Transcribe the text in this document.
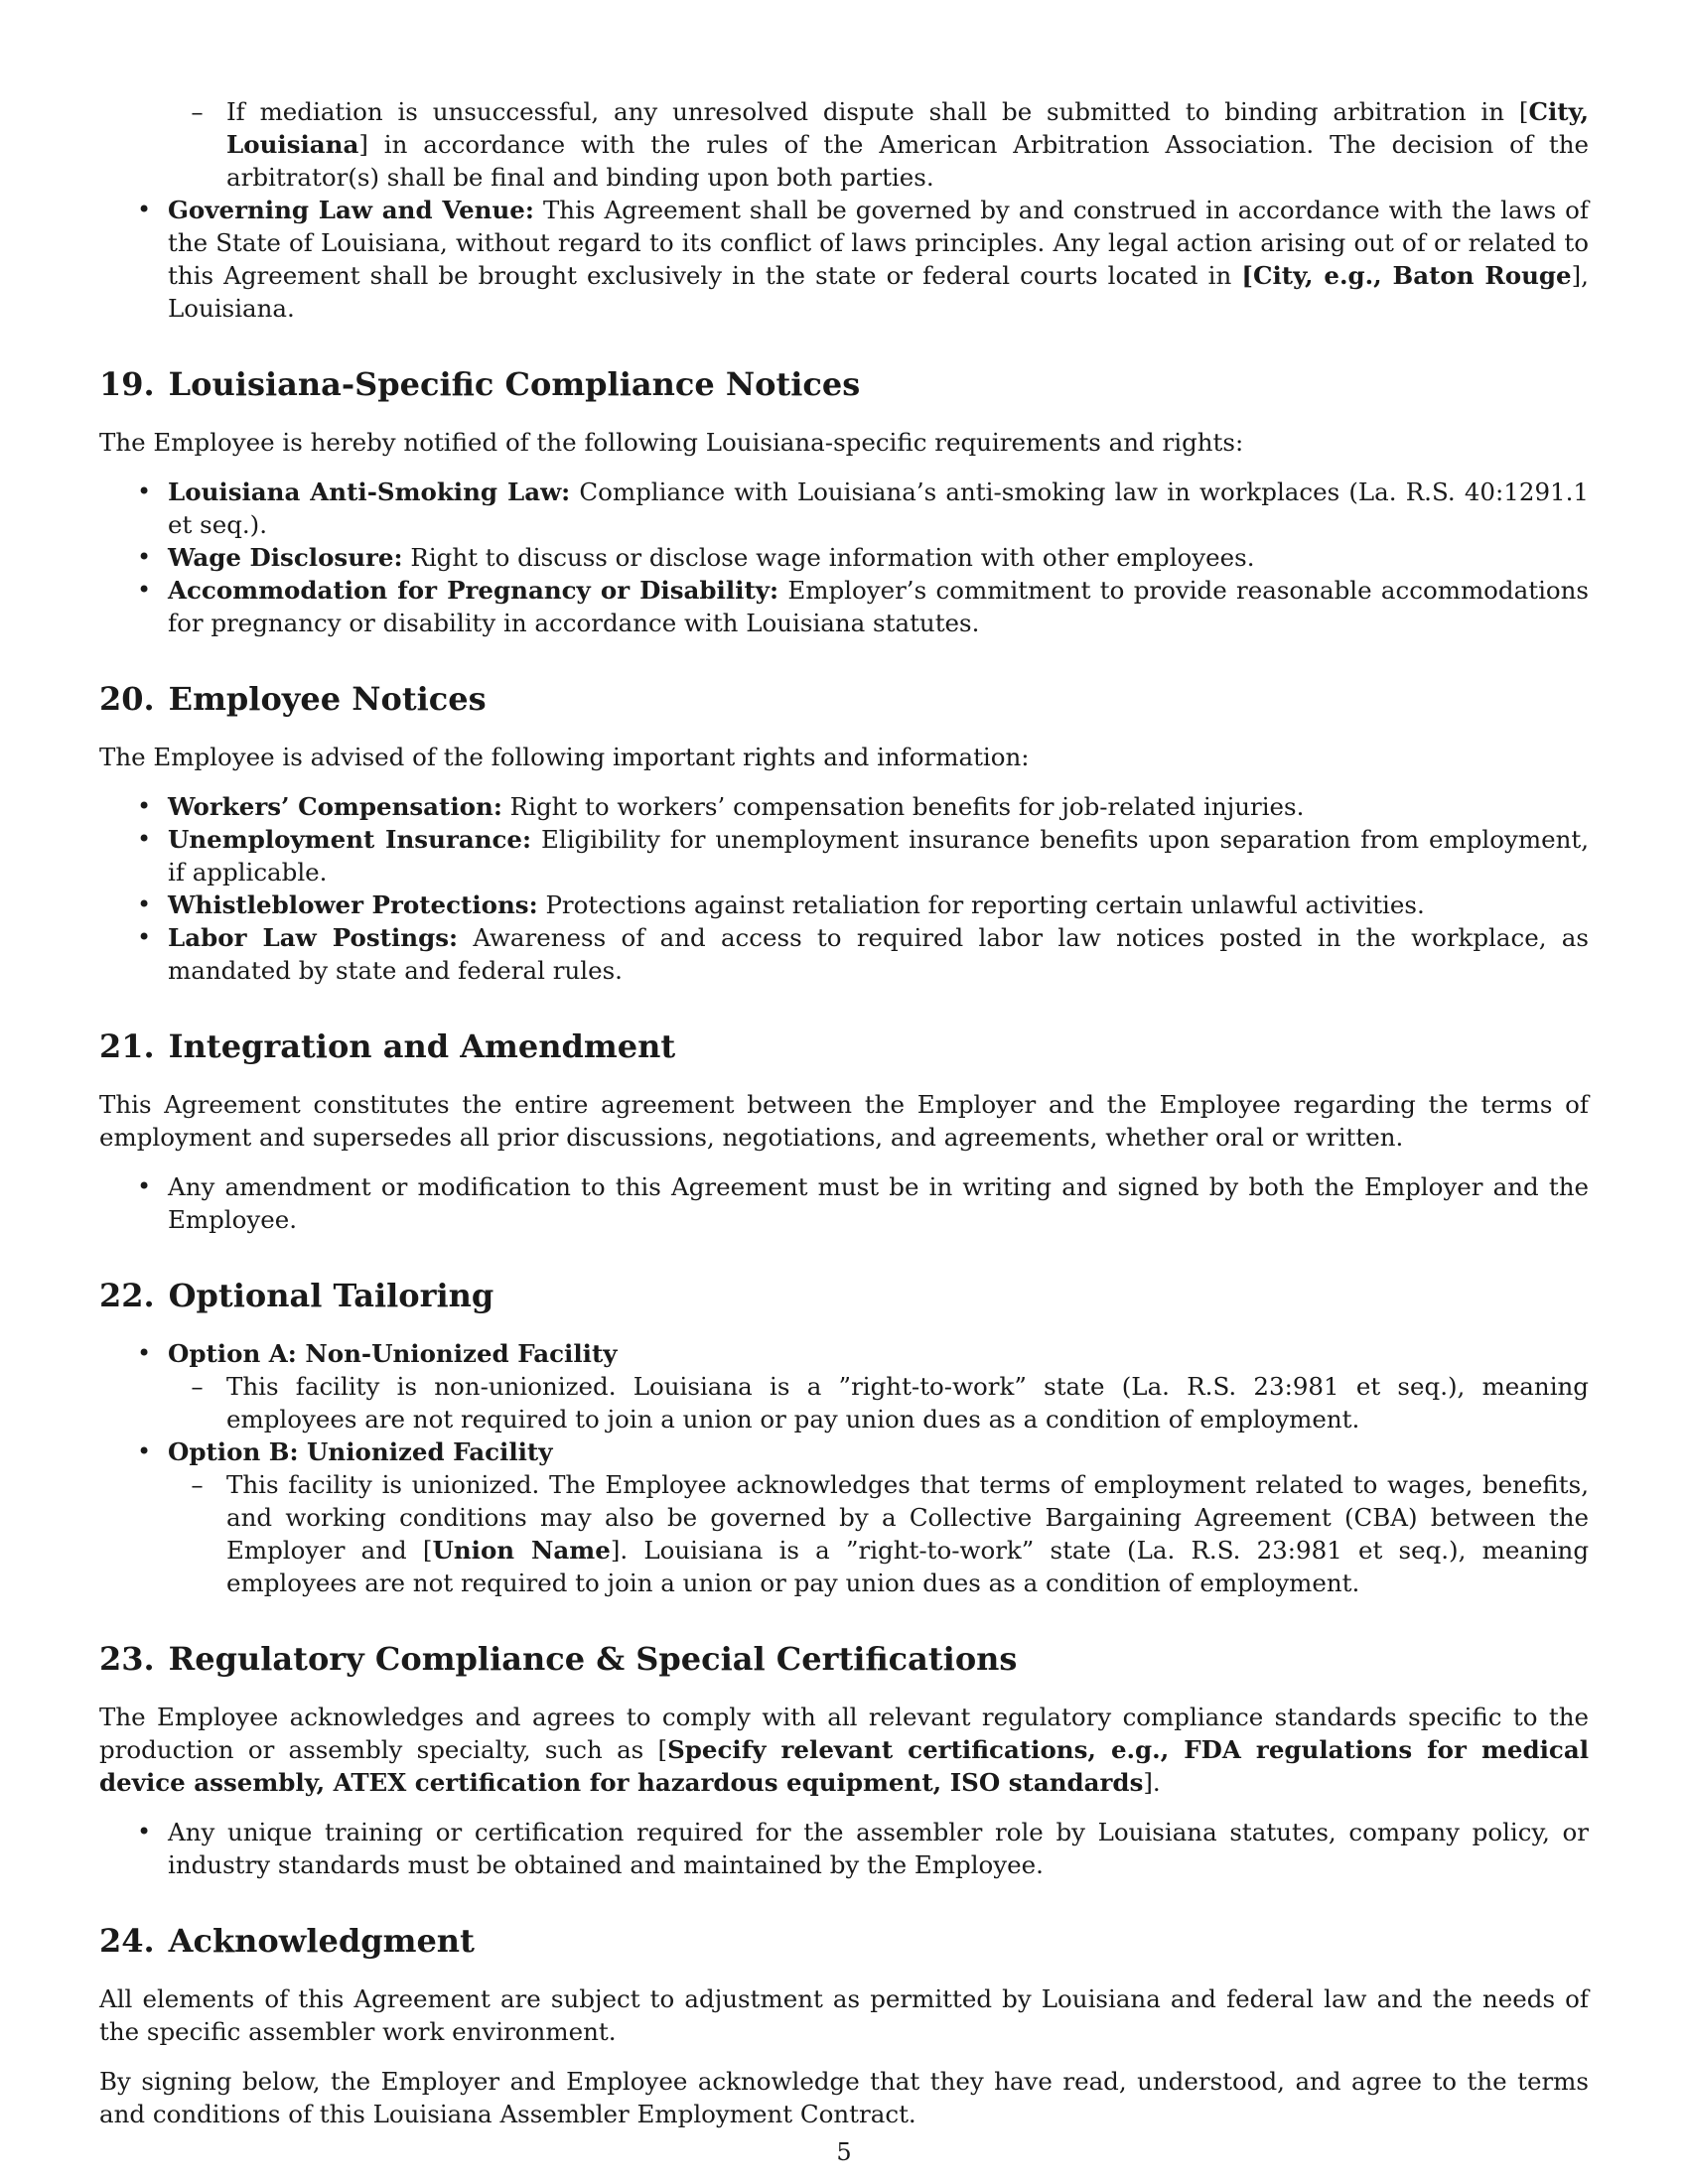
– If mediation is unsuccessful, any unresolved dispute shall be submitted to binding arbitration in [City, Louisiana] in accordance with the rules of the American Arbitration Association. The decision of the arbitrator(s) shall be final and binding upon both parties.
• Governing Law and Venue: This Agreement shall be governed by and construed in accordance with the laws of the State of Louisiana, without regard to its conflict of laws principles. Any legal action arising out of or related to this Agreement shall be brought exclusively in the state or federal courts located in [City, e.g., Baton Rouge], Louisiana.
19. Louisiana-Specific Compliance Notices

The Employee is hereby notified of the following Louisiana-specific requirements and rights:

• Louisiana Anti-Smoking Law: Compliance with Louisiana’s anti-smoking law in workplaces (La. R.S. 40:1291.1 et seq.).
• Wage Disclosure: Right to discuss or disclose wage information with other employees.
• Accommodation for Pregnancy or Disability: Employer’s commitment to provide reasonable accommodations for pregnancy or disability in accordance with Louisiana statutes.
20. Employee Notices

The Employee is advised of the following important rights and information:

• Workers’ Compensation: Right to workers’ compensation benefits for job-related injuries.
• Unemployment Insurance: Eligibility for unemployment insurance benefits upon separation from employment, if applicable.
• Whistleblower Protections: Protections against retaliation for reporting certain unlawful activities.
• Labor Law Postings: Awareness of and access to required labor law notices posted in the workplace, as mandated by state and federal rules.
21. Integration and Amendment

This Agreement constitutes the entire agreement between the Employer and the Employee regarding the terms of employment and supersedes all prior discussions, negotiations, and agreements, whether oral or written.

• Any amendment or modification to this Agreement must be in writing and signed by both the Employer and the Employee.
22. Optional Tailoring
• Option A: Non-Unionized Facility
– This facility is non-unionized. Louisiana is a ”right-to-work” state (La. R.S. 23:981 et seq.), meaning employees are not required to join a union or pay union dues as a condition of employment.
• Option B: Unionized Facility
– This facility is unionized. The Employee acknowledges that terms of employment related to wages, benefits, and working conditions may also be governed by a Collective Bargaining Agreement (CBA) between the Employer and [Union Name]. Louisiana is a ”right-to-work” state (La. R.S. 23:981 et seq.), meaning employees are not required to join a union or pay union dues as a condition of employment.
23. Regulatory Compliance & Special Certifications

The Employee acknowledges and agrees to comply with all relevant regulatory compliance standards specific to the production or assembly specialty, such as [Specify relevant certifications, e.g., FDA regulations for medical device assembly, ATEX certification for hazardous equipment, ISO standards].

• Any unique training or certification required for the assembler role by Louisiana statutes, company policy, or industry standards must be obtained and maintained by the Employee.
24. Acknowledgment

All elements of this Agreement are subject to adjustment as permitted by Louisiana and federal law and the needs of the specific assembler work environment.

By signing below, the Employer and Employee acknowledge that they have read, understood, and agree to the terms and conditions of this Louisiana Assembler Employment Contract.

5
